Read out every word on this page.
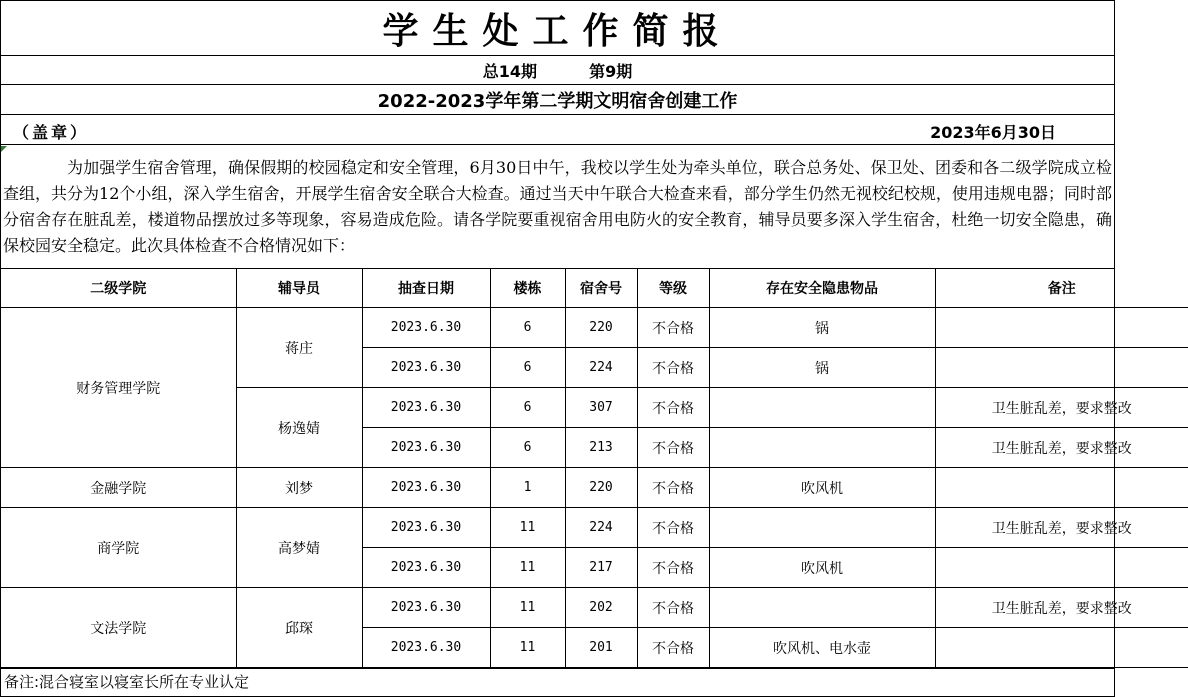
学生处工作简报
总14期	第9期
2022-2023学年第二学期文明宿舍创建工作
（盖章）	2023年6月30日
为加强学生宿舍管理，确保假期的校园稳定和安全管理，6月30日中午，我校以学生处为牵头单位，联合总务处、保卫处、团委和各二级学院成立检查组，共分为12个小组，深入学生宿舍，开展学生宿舍安全联合大检查。通过当天中午联合大检查来看，部分学生仍然无视校纪校规，使用违规电器；同时部分宿舍存在脏乱差，楼道物品摆放过多等现象，容易造成危险。请各学院要重视宿舍用电防火的安全教育，辅导员要多深入学生宿舍，杜绝一切安全隐患，确保校园安全稳定。此次具体检查不合格情况如下：
二级学院	辅导员	抽查日期	楼栋	宿舍号	等级	存在安全隐患物品	备注
财务管理学院	蒋庄	2023.6.30	6	220	不合格	锅	
		2023.6.30	6	224	不合格	锅	
	杨逸婧	2023.6.30	6	307	不合格		卫生脏乱差，要求整改
		2023.6.30	6	213	不合格		卫生脏乱差，要求整改
金融学院	刘梦	2023.6.30	1	220	不合格	吹风机	
商学院	高梦婧	2023.6.30	11	224	不合格		卫生脏乱差，要求整改
		2023.6.30	11	217	不合格	吹风机	
文法学院	邱琛	2023.6.30	11	202	不合格		卫生脏乱差，要求整改
		2023.6.30	11	201	不合格	吹风机、电水壶	
备注:混合寝室以寝室长所在专业认定
